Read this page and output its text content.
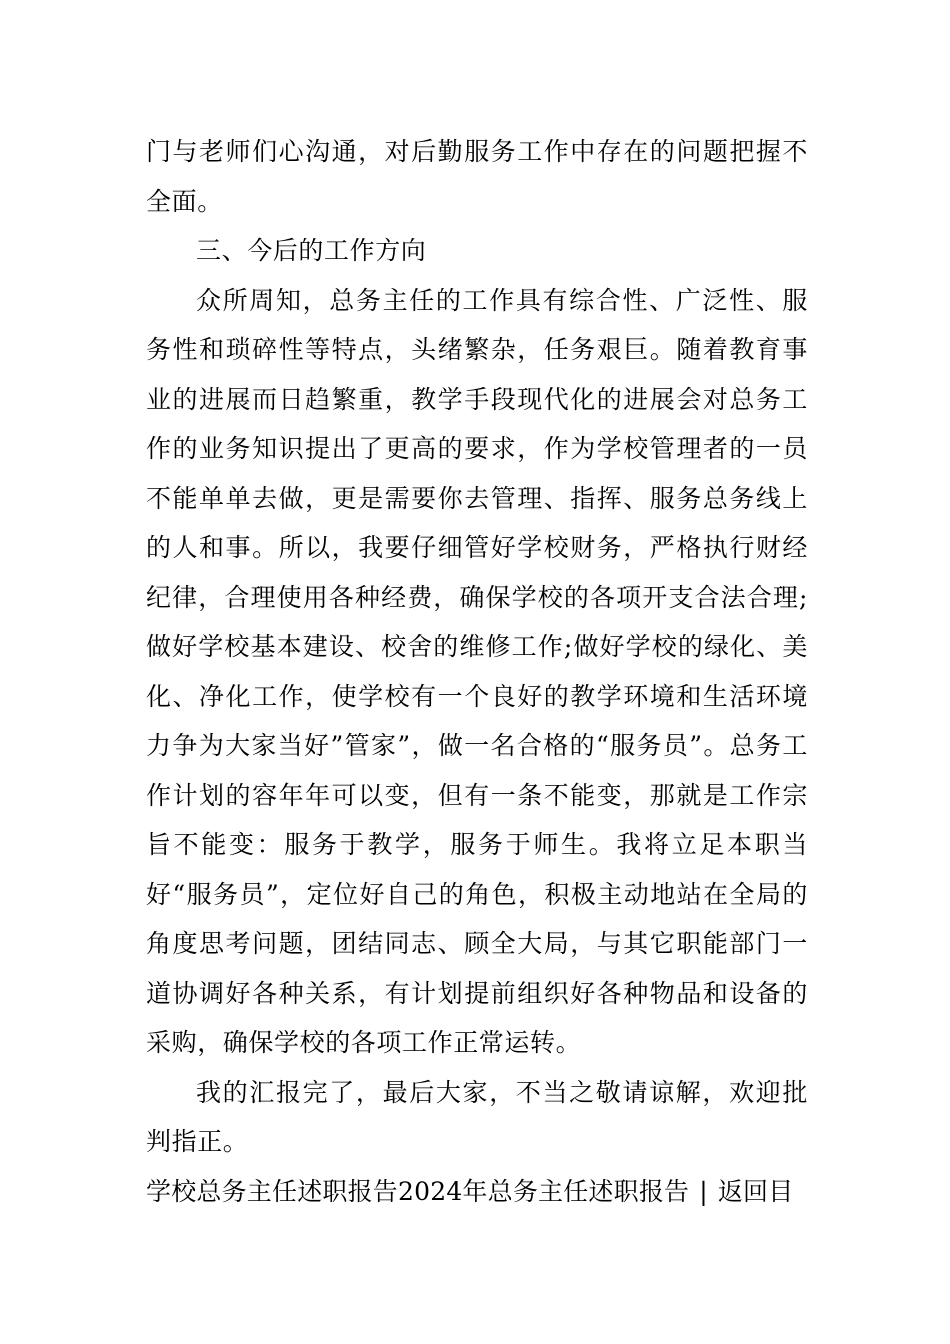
门与老师们心沟通，对后勤服务工作中存在的问题把握不全面。

三、今后的工作方向

众所周知，总务主任的工作具有综合性、广泛性、服务性和琐碎性等特点，头绪繁杂，任务艰巨。随着教育事业的进展而日趋繁重，教学手段现代化的进展会对总务工作的业务知识提出了更高的要求，作为学校管理者的一员不能单单去做，更是需要你去管理、指挥、服务总务线上的人和事。所以，我要仔细管好学校财务，严格执行财经纪律，合理使用各种经费，确保学校的各项开支合法合理;做好学校基本建设、校舍的维修工作;做好学校的绿化、美化、净化工作，使学校有一个良好的教学环境和生活环境力争为大家当好”管家”，做一名合格的“服务员”。总务工作计划的容年年可以变，但有一条不能变，那就是工作宗旨不能变：服务于教学，服务于师生。我将立足本职当好“服务员”，定位好自己的角色，积极主动地站在全局的角度思考问题，团结同志、顾全大局，与其它职能部门一道协调好各种关系，有计划提前组织好各种物品和设备的采购，确保学校的各项工作正常运转。

我的汇报完了，最后大家，不当之敬请谅解，欢迎批判指正。

学校总务主任述职报告2024年总务主任述职报告 | 返回目
